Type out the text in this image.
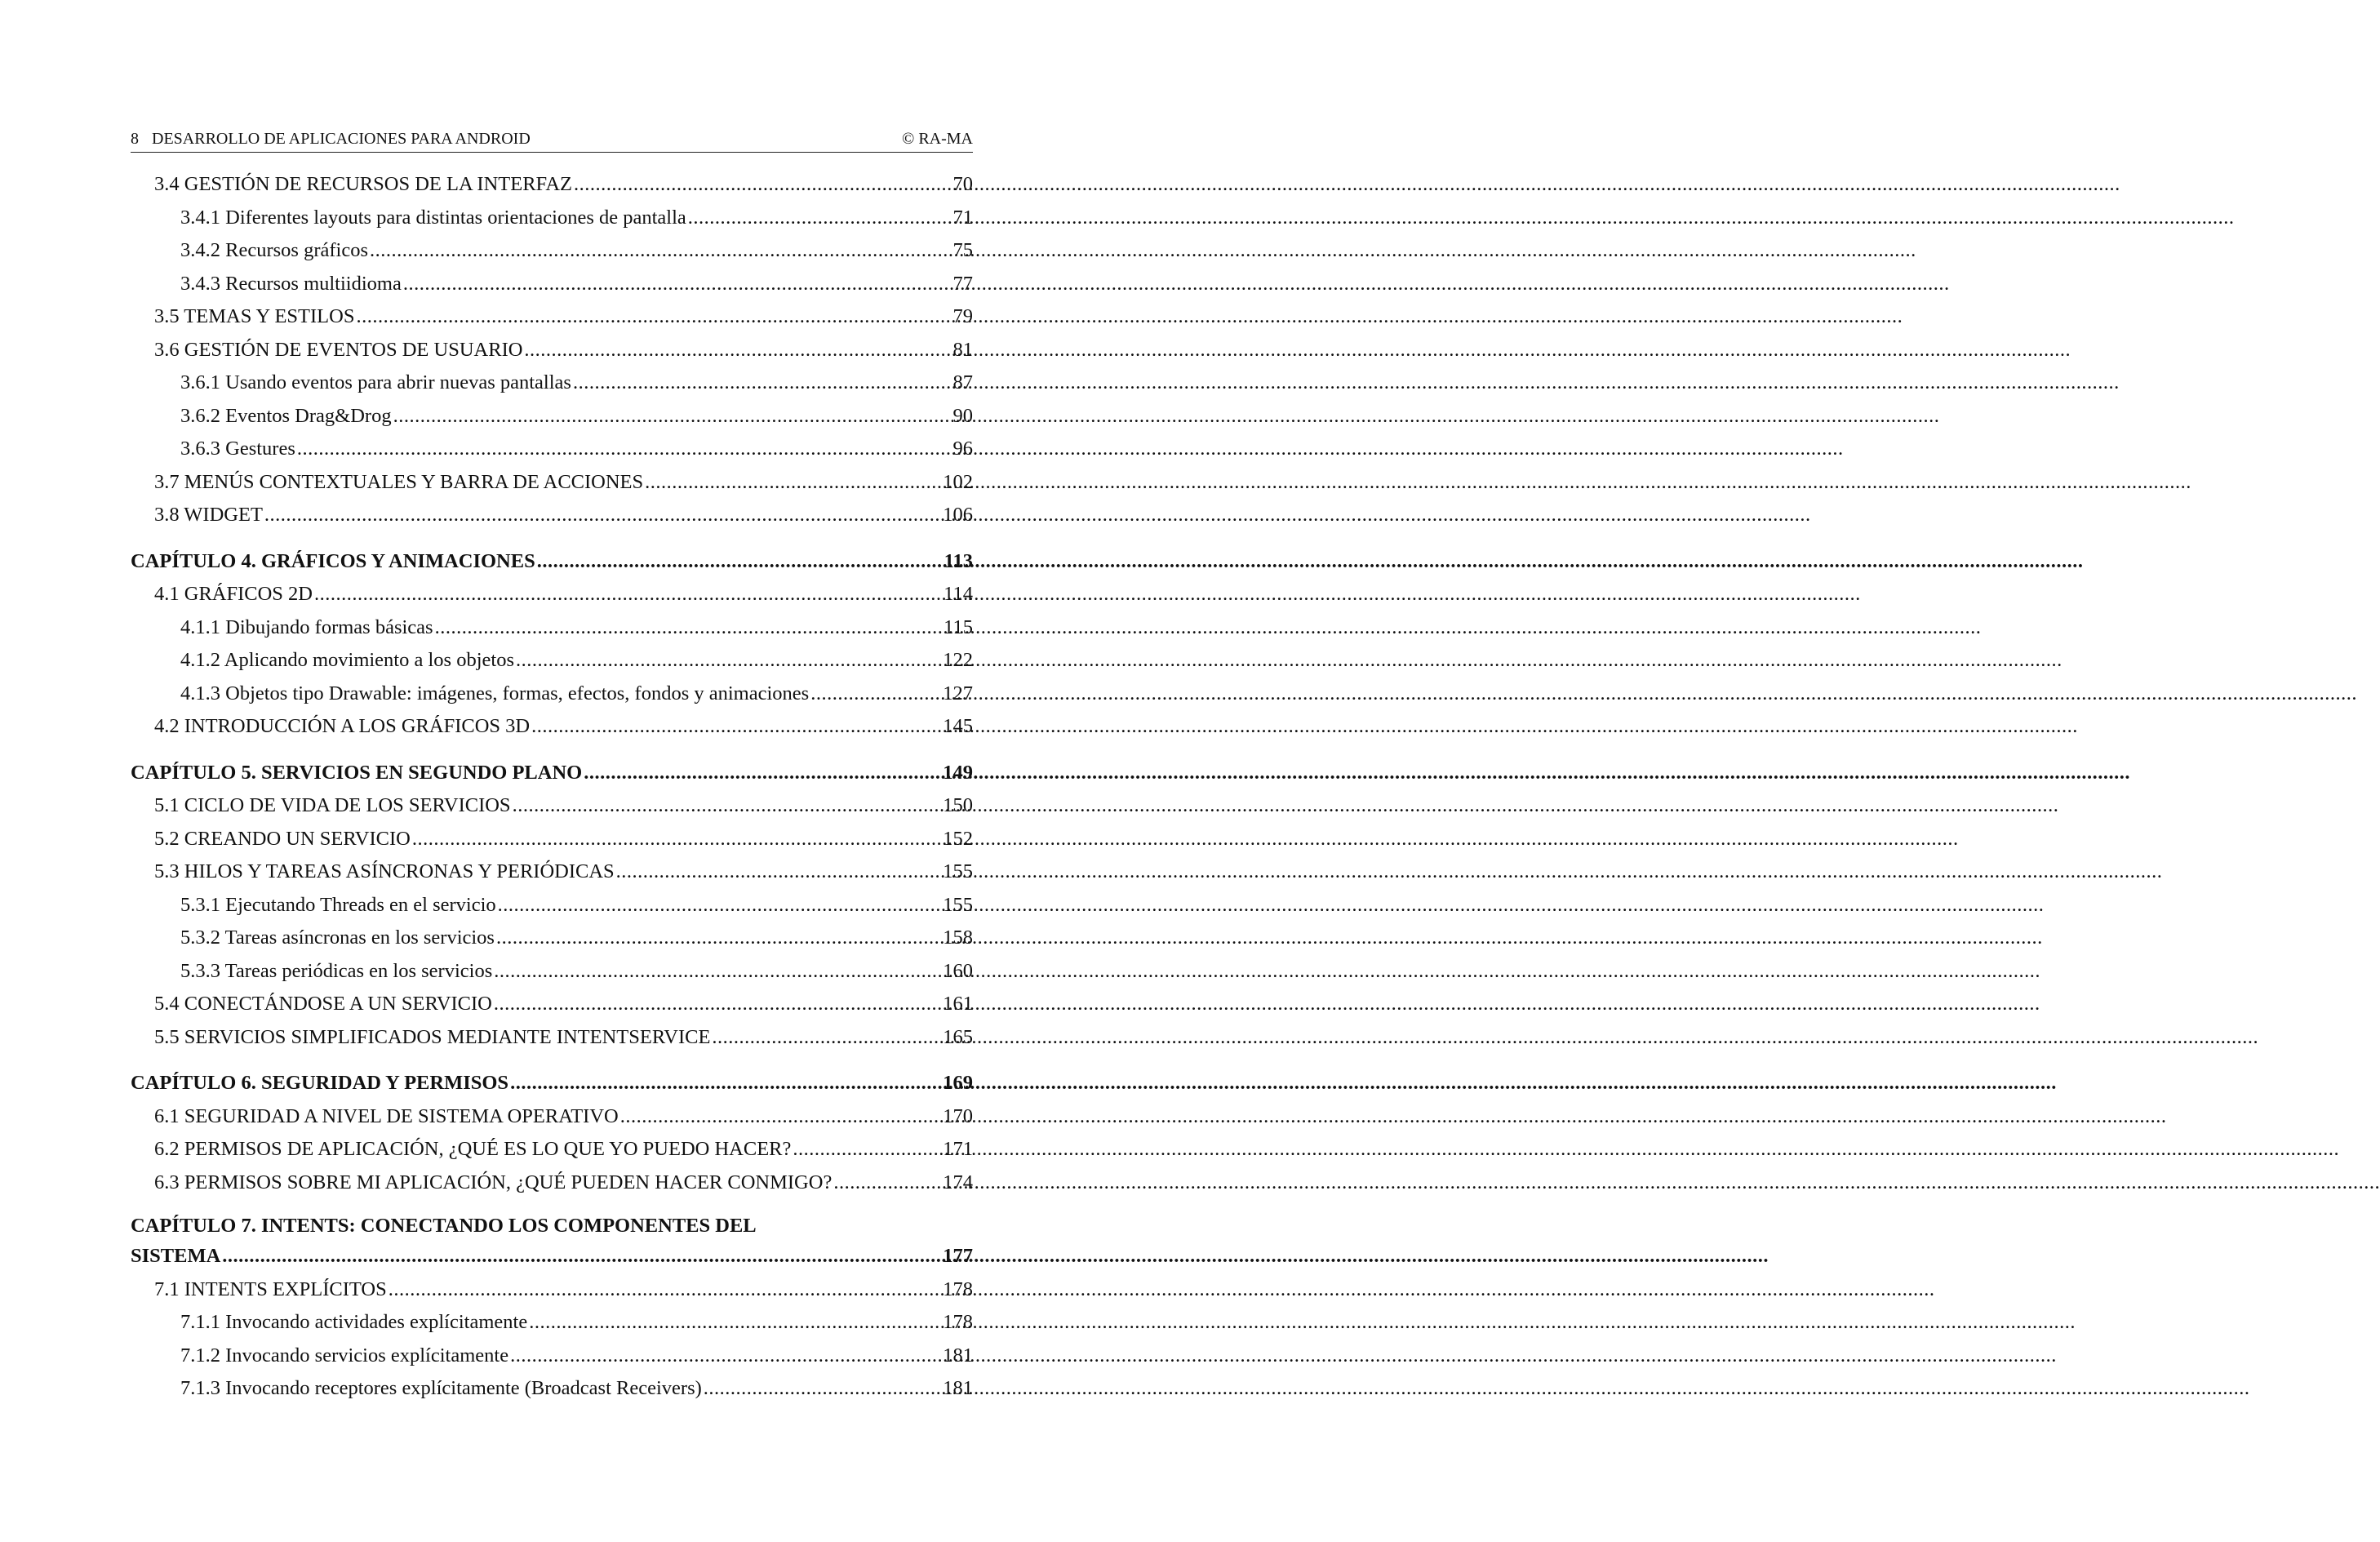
8 DESARROLLO DE APLICACIONES PARA ANDROID	© RA-MA
3.4 GESTIÓN DE RECURSOS DE LA INTERFAZ .....	70
3.4.1 Diferentes layouts para distintas orientaciones de pantalla .....	71
3.4.2 Recursos gráficos .....	75
3.4.3 Recursos multiidioma .....	77
3.5 TEMAS Y ESTILOS .....	79
3.6 GESTIÓN DE EVENTOS DE USUARIO .....	81
3.6.1 Usando eventos para abrir nuevas pantallas .....	87
3.6.2 Eventos Drag&Drog .....	90
3.6.3 Gestures .....	96
3.7 MENÚS CONTEXTUALES Y BARRA DE ACCIONES .....	102
3.8 WIDGET .....	106
CAPÍTULO 4. GRÁFICOS Y ANIMACIONES .....	113
4.1 GRÁFICOS 2D .....	114
4.1.1 Dibujando formas básicas .....	115
4.1.2 Aplicando movimiento a los objetos .....	122
4.1.3 Objetos tipo Drawable: imágenes, formas, efectos, fondos y animaciones .....	127
4.2 INTRODUCCIÓN A LOS GRÁFICOS 3D .....	145
CAPÍTULO 5. SERVICIOS EN SEGUNDO PLANO .....	149
5.1 CICLO DE VIDA DE LOS SERVICIOS .....	150
5.2 CREANDO UN SERVICIO .....	152
5.3 HILOS Y TAREAS ASÍNCRONAS Y PERIÓDICAS .....	155
5.3.1 Ejecutando Threads en el servicio .....	155
5.3.2 Tareas asíncronas en los servicios .....	158
5.3.3 Tareas periódicas en los servicios .....	160
5.4 CONECTÁNDOSE A UN SERVICIO .....	161
5.5 SERVICIOS SIMPLIFICADOS MEDIANTE INTENTSERVICE .....	165
CAPÍTULO 6. SEGURIDAD Y PERMISOS .....	169
6.1 SEGURIDAD A NIVEL DE SISTEMA OPERATIVO .....	170
6.2 PERMISOS DE APLICACIÓN, ¿QUÉ ES LO QUE YO PUEDO HACER? .....	171
6.3 PERMISOS SOBRE MI APLICACIÓN, ¿QUÉ PUEDEN HACER CONMIGO? .....	174
CAPÍTULO 7. INTENTS: CONECTANDO LOS COMPONENTES DEL
SISTEMA .....	177
7.1 INTENTS EXPLÍCITOS .....	178
7.1.1 Invocando actividades explícitamente .....	178
7.1.2 Invocando servicios explícitamente .....	181
7.1.3 Invocando receptores explícitamente (Broadcast Receivers) .....	181
